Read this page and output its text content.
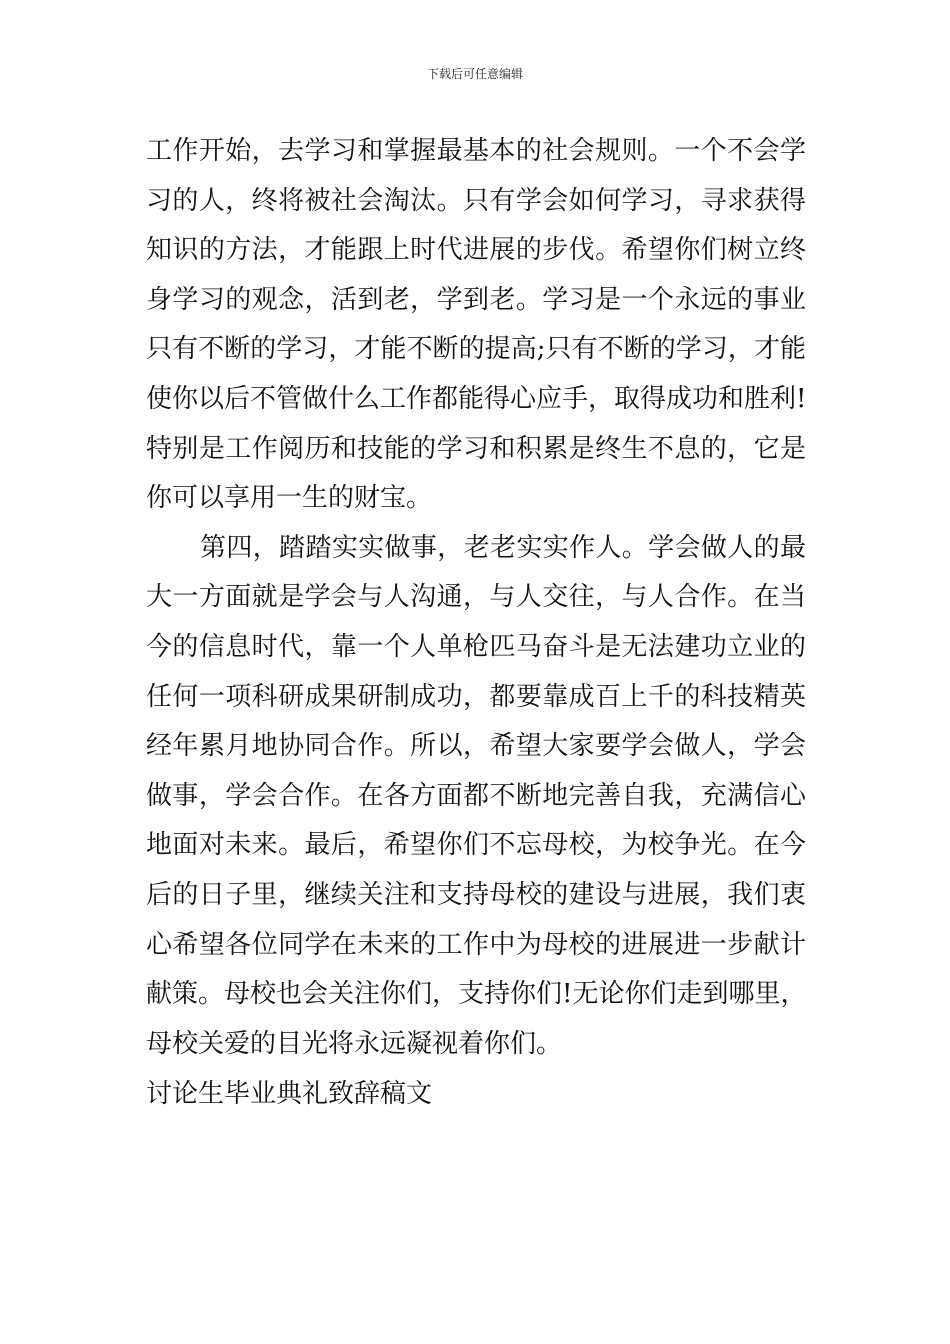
下载后可任意编辑
工作开始，去学习和掌握最基本的社会规则。一个不会学
习的人，终将被社会淘汰。只有学会如何学习，寻求获得
知识的方法，才能跟上时代进展的步伐。希望你们树立终
身学习的观念，活到老，学到老。学习是一个永远的事业
只有不断的学习，才能不断的提高;只有不断的学习，才能
使你以后不管做什么工作都能得心应手，取得成功和胜利!
特别是工作阅历和技能的学习和积累是终生不息的，它是
你可以享用一生的财宝。
第四，踏踏实实做事，老老实实作人。学会做人的最
大一方面就是学会与人沟通，与人交往，与人合作。在当
今的信息时代，靠一个人单枪匹马奋斗是无法建功立业的
任何一项科研成果研制成功，都要靠成百上千的科技精英
经年累月地协同合作。所以，希望大家要学会做人，学会
做事，学会合作。在各方面都不断地完善自我，充满信心
地面对未来。最后，希望你们不忘母校，为校争光。在今
后的日子里，继续关注和支持母校的建设与进展，我们衷
心希望各位同学在未来的工作中为母校的进展进一步献计
献策。母校也会关注你们，支持你们!无论你们走到哪里，
母校关爱的目光将永远凝视着你们。
讨论生毕业典礼致辞稿文
